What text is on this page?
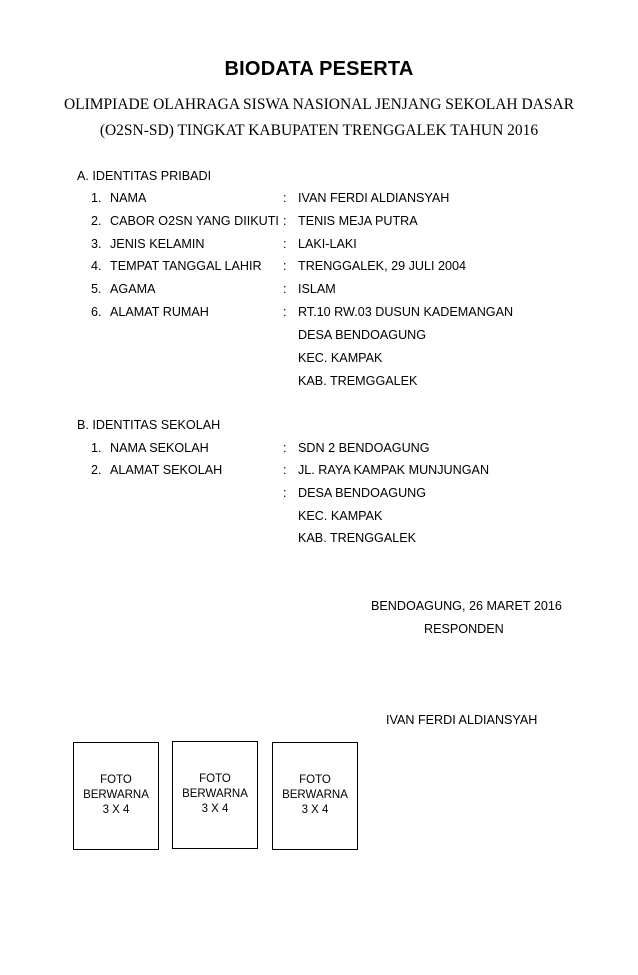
BIODATA PESERTA
OLIMPIADE OLAHRAGA SISWA NASIONAL JENJANG SEKOLAH DASAR
(O2SN-SD) TINGKAT KABUPATEN TRENGGALEK TAHUN 2016
A. IDENTITAS PRIBADI
1. NAMA	: IVAN FERDI ALDIANSYAH
2. CABOR O2SN YANG DIIKUTI : TENIS MEJA PUTRA
3. JENIS KELAMIN	: LAKI-LAKI
4. TEMPAT TANGGAL LAHIR : TRENGGALEK, 29 JULI 2004
5. AGAMA	: ISLAM
6. ALAMAT RUMAH	: RT.10 RW.03 DUSUN KADEMANGAN
DESA BENDOAGUNG
KEC. KAMPAK
KAB. TREMGGALEK
B. IDENTITAS SEKOLAH
1. NAMA SEKOLAH	: SDN 2 BENDOAGUNG
2. ALAMAT SEKOLAH	: JL. RAYA KAMPAK MUNJUNGAN
: DESA BENDOAGUNG
KEC. KAMPAK
KAB. TRENGGALEK
BENDOAGUNG, 26 MARET 2016
RESPONDEN
IVAN FERDI ALDIANSYAH
FOTO
BERWARNA
3 X 4
FOTO
BERWARNA
3 X 4
FOTO
BERWARNA
3 X 4
